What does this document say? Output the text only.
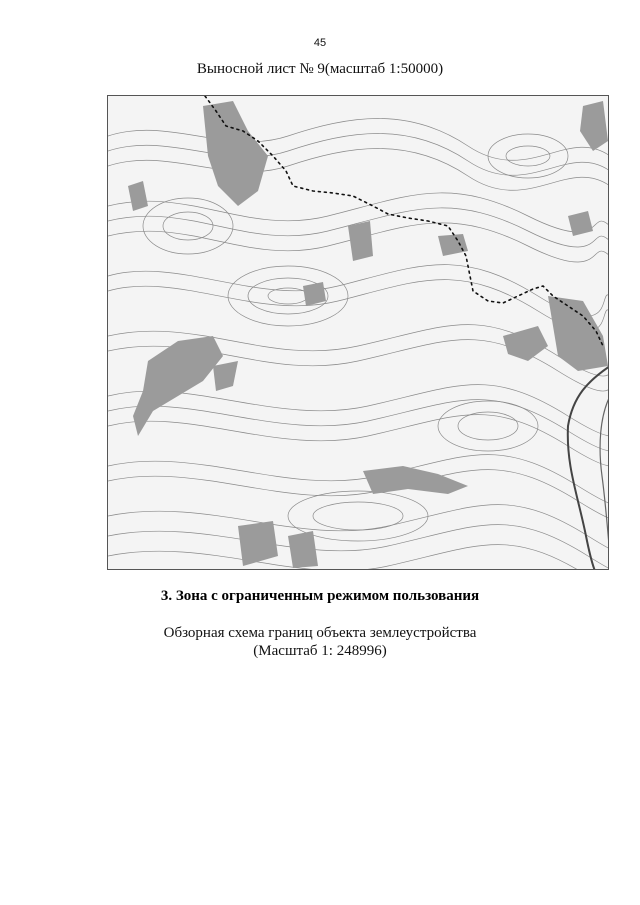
45
Выносной лист № 9(масштаб 1:50000)
3. Зона с ограниченным режимом пользования
Обзорная схема границ объекта землеустройства
(Масштаб 1: 248996)
